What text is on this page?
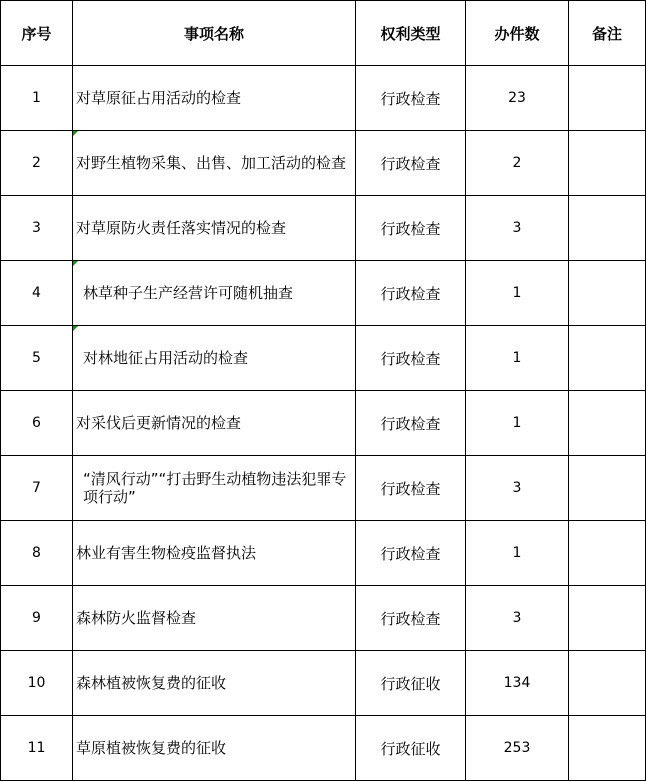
序号	事项名称	权利类型	办件数	备注
1	对草原征占用活动的检查	行政检查	23	
2	对野生植物采集、出售、加工活动的检查	行政检查	2	
3	对草原防火责任落实情况的检查	行政检查	3	
4	林草种子生产经营许可随机抽查	行政检查	1	
5	对林地征占用活动的检查	行政检查	1	
6	对采伐后更新情况的检查	行政检查	1	
7	“清风行动”“打击野生动植物违法犯罪专项行动”	行政检查	3	
8	林业有害生物检疫监督执法	行政检查	1	
9	森林防火监督检查	行政检查	3	
10	森林植被恢复费的征收	行政征收	134	
11	草原植被恢复费的征收	行政征收	253	
